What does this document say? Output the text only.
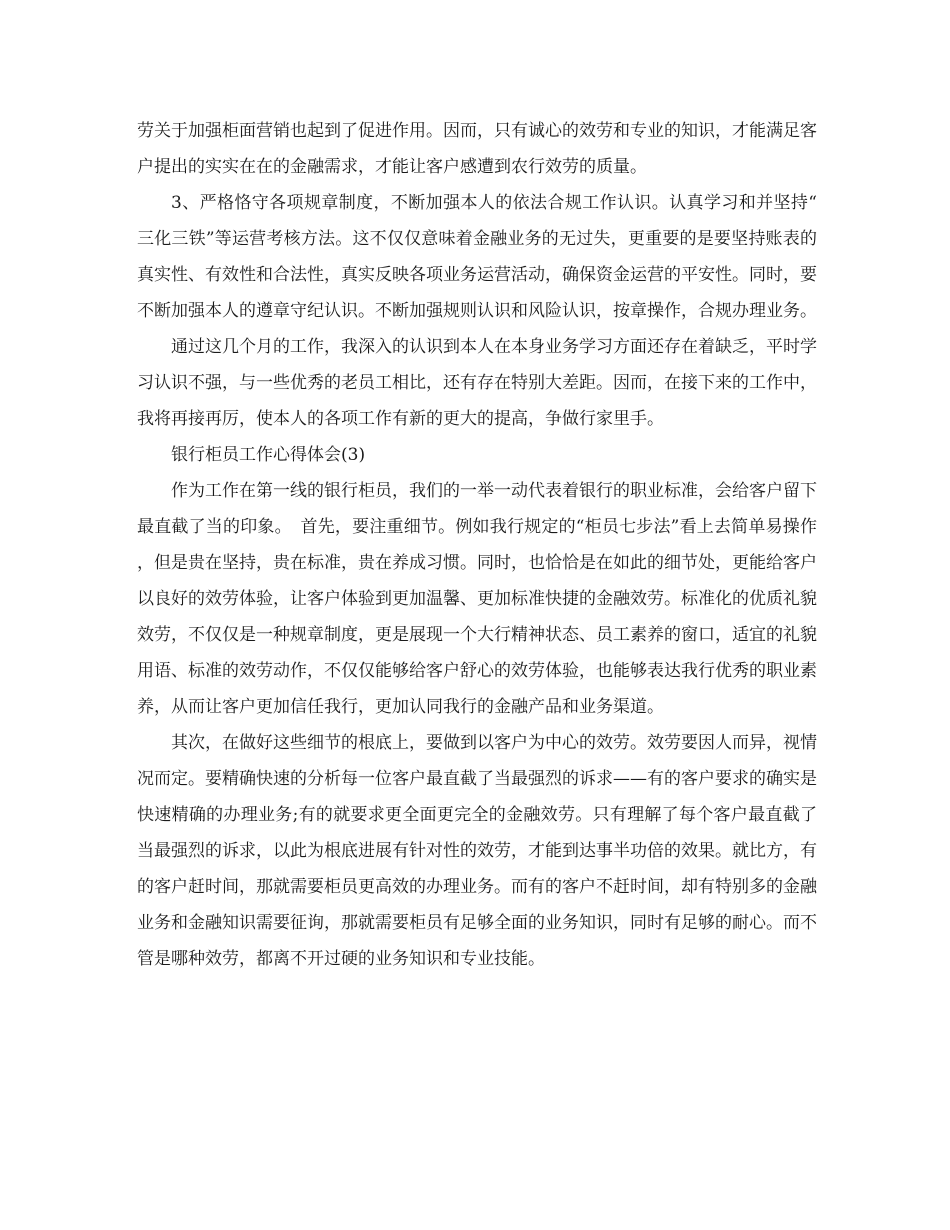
劳关于加强柜面营销也起到了促进作用。因而，只有诚心的效劳和专业的知识，才能满足客户提出的实实在在的金融需求，才能让客户感遭到农行效劳的质量。

3、严格恪守各项规章制度，不断加强本人的依法合规工作认识。认真学习和并坚持“三化三铁”等运营考核方法。这不仅仅意味着金融业务的无过失，更重要的是要坚持账表的真实性、有效性和合法性，真实反映各项业务运营活动，确保资金运营的平安性。同时，要不断加强本人的遵章守纪认识。不断加强规则认识和风险认识，按章操作，合规办理业务。

通过这几个月的工作，我深入的认识到本人在本身业务学习方面还存在着缺乏，平时学习认识不强，与一些优秀的老员工相比，还有存在特别大差距。因而，在接下来的工作中，我将再接再厉，使本人的各项工作有新的更大的提高，争做行家里手。

银行柜员工作心得体会(3)

作为工作在第一线的银行柜员，我们的一举一动代表着银行的职业标准，会给客户留下最直截了当的印象。　首先，要注重细节。例如我行规定的“柜员七步法”看上去简单易操作，但是贵在坚持，贵在标准，贵在养成习惯。同时，也恰恰是在如此的细节处，更能给客户以良好的效劳体验，让客户体验到更加温馨、更加标准快捷的金融效劳。标准化的优质礼貌效劳，不仅仅是一种规章制度，更是展现一个大行精神状态、员工素养的窗口，适宜的礼貌用语、标准的效劳动作，不仅仅能够给客户舒心的效劳体验，也能够表达我行优秀的职业素养，从而让客户更加信任我行，更加认同我行的金融产品和业务渠道。

其次，在做好这些细节的根底上，要做到以客户为中心的效劳。效劳要因人而异，视情况而定。要精确快速的分析每一位客户最直截了当最强烈的诉求——有的客户要求的确实是快速精确的办理业务;有的就要求更全面更完全的金融效劳。只有理解了每个客户最直截了当最强烈的诉求，以此为根底进展有针对性的效劳，才能到达事半功倍的效果。就比方，有的客户赶时间，那就需要柜员更高效的办理业务。而有的客户不赶时间，却有特别多的金融业务和金融知识需要征询，那就需要柜员有足够全面的业务知识，同时有足够的耐心。而不管是哪种效劳，都离不开过硬的业务知识和专业技能。
